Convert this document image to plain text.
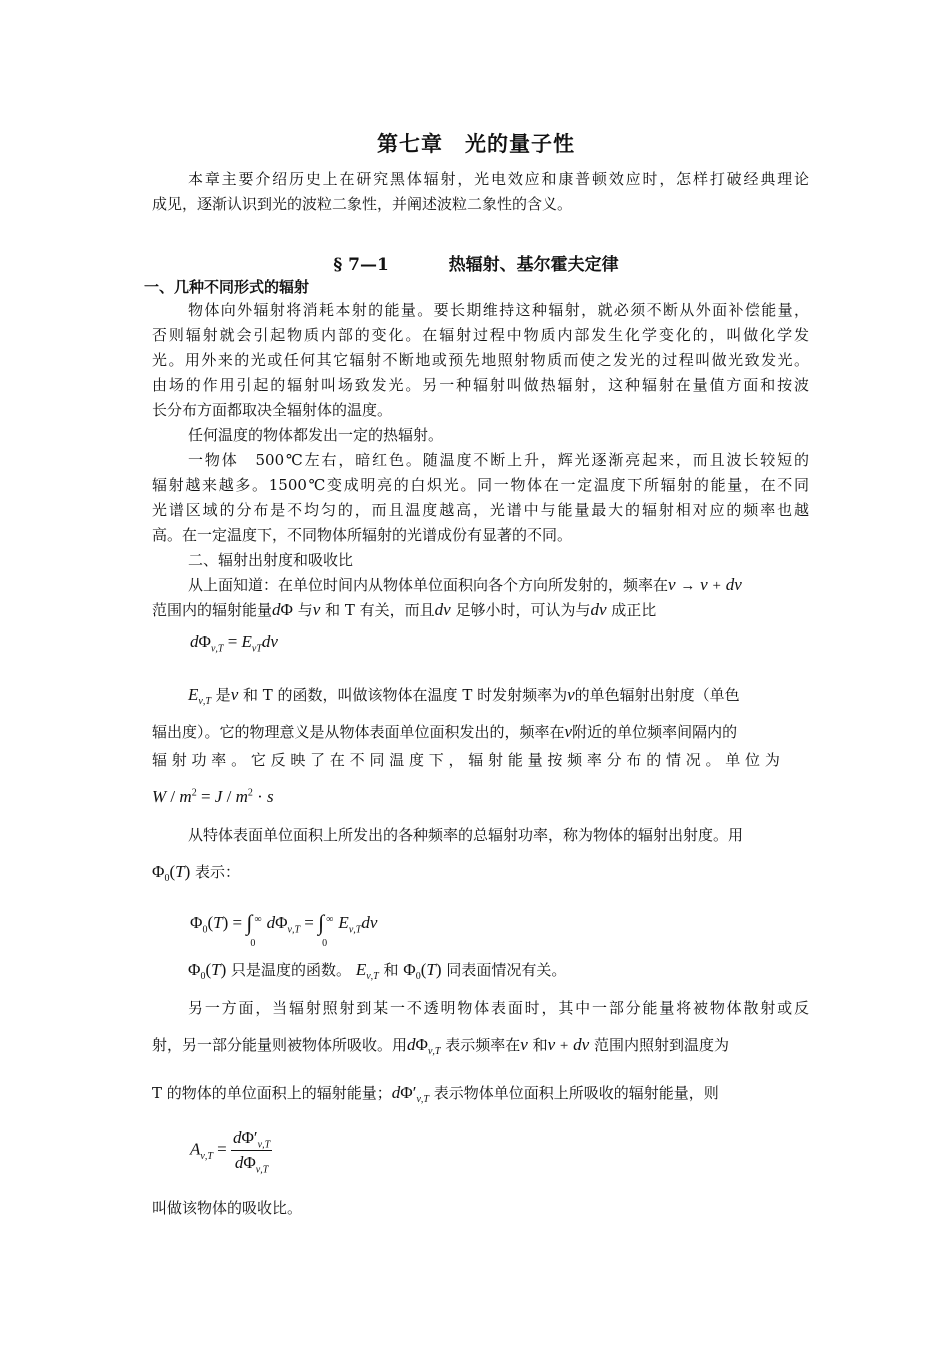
第七章　光的量子性
本章主要介绍历史上在研究黑体辐射，光电效应和康普顿效应时，怎样打破经典理论
成见，逐渐认识到光的波粒二象性，并阐述波粒二象性的含义。
§ 7—1	热辐射、基尔霍夫定律
一、几种不同形式的辐射
物体向外辐射将消耗本射的能量。要长期维持这种辐射，就必须不断从外面补偿能量，
否则辐射就会引起物质内部的变化。在辐射过程中物质内部发生化学变化的，叫做化学发
光。用外来的光或任何其它辐射不断地或预先地照射物质而使之发光的过程叫做光致发光。
由场的作用引起的辐射叫场致发光。另一种辐射叫做热辐射，这种辐射在量值方面和按波
长分布方面都取决全辐射体的温度。
任何温度的物体都发出一定的热辐射。
一物体　500℃左右，暗红色。随温度不断上升，辉光逐渐亮起来，而且波长较短的
辐射越来越多。1500℃变成明亮的白炽光。同一物体在一定温度下所辐射的能量，在不同
光谱区域的分布是不均匀的，而且温度越高，光谱中与能量最大的辐射相对应的频率也越
高。在一定温度下，不同物体所辐射的光谱成份有显著的不同。
二、辐射出射度和吸收比
从上面知道：在单位时间内从物体单位面积向各个方向所发射的，频率在ν → ν + dν
范围内的辐射能量dΦ 与ν 和 T 有关，而且dν 足够小时，可认为与dν 成正比
$d\Phi_{\nu,T} = E_{\nu T}d\nu$
$E_{\nu,T}$ 是ν 和 T 的函数，叫做该物体在温度 T 时发射频率为ν的单色辐射出射度（单色
辐出度）。它的物理意义是从物体表面单位面积发出的，频率在ν附近的单位频率间隔内的
辐 射 功 率 。 它 反 映 了 在 不 同 温 度 下 ， 辐 射 能 量 按 频 率 分 布 的 情 况 。 单 位 为
$W / m^2 = J / m^2 \cdot s$
从特体表面单位面积上所发出的各种频率的总辐射功率，称为物体的辐射出射度。用
$\Phi_0(T)$ 表示：
$\Phi_0(T)$ = ∫ ∞
0
$d\Phi_{\nu,T}$ = ∫ ∞
0
$E_{\nu,T}d\nu$
$\Phi_0(T)$ 只是温度的函数。 $E_{\nu,T}$ 和 $\Phi_0(T)$ 同表面情况有关。
另一方面，当辐射照射到某一不透明物体表面时，其中一部分能量将被物体散射或反
射，另一部分能量则被物体所吸收。用$d\Phi_{\nu,T}$ 表示频率在ν 和ν + dν 范围内照射到温度为
T 的物体的单位面积上的辐射能量；$d\Phi'_{\nu,T}$ 表示物体单位面积上所吸收的辐射能量，则
$A_{\nu,T} = \frac{d\Phi'_{\nu,T}}{d\Phi_{\nu,T}}$
叫做该物体的吸收比。
